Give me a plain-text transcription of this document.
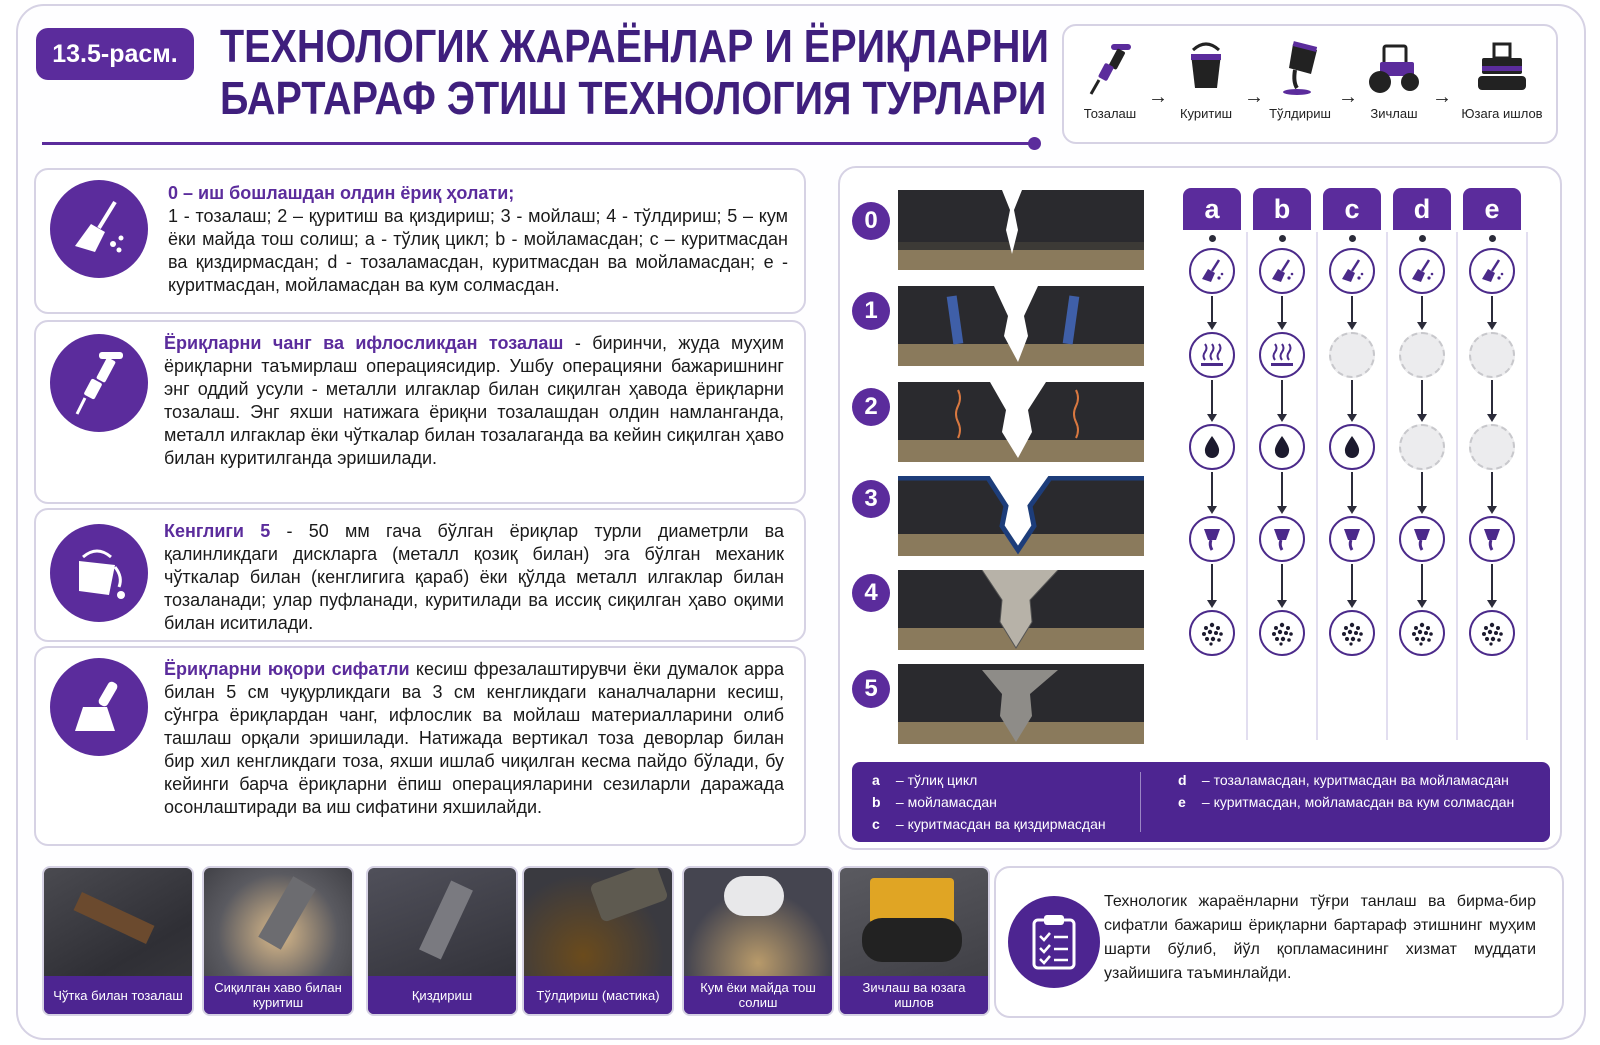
13.5-расм. ТЕХНОЛОГИК ЖАРАЁНЛАР И ЁРИҚЛАРНИ
БАРТАРАФ ЭТИШ ТЕХНОЛОГИЯ ТУРЛАРИ	Тозалаш
→
Куритиш
→
Тўлдириш
→
Зичлаш
→
Юзага ишлов
0 – иш бошлашдан олдин ёриқ ҳолати;
1 - тозалаш; 2 – қуритиш ва қиздириш; 3 - мойлаш; 4 - тўлдириш; 5 – кум ёки майда тош солиш; a - тўлиқ цикл; b - мойламасдан; c – куритмасдан ва қиздирмасдан; d - тозаламасдан, куритмасдан ва мойламасдан; e - куритмасдан, мойламасдан ва кум солмасдан.
Ёриқларни чанг ва ифлосликдан тозалаш - биринчи, жуда муҳим ёриқларни таъмирлаш операциясидир. Ушбу операцияни бажаришнинг энг оддий усули - металли илгаклар билан сиқилган ҳавода ёриқларни тозалаш. Энг яхши натижага ёриқни тозалашдан олдин намланганда, металл илгаклар ёки чўткалар билан тозалаганда ва кейин сиқилган ҳаво билан куритилганда эришилади.
Кенглиги 5 - 50 мм гача бўлган ёриқлар турли диаметрли ва қалинликдаги дискларга (металл қозиқ билан) эга бўлган механик чўткалар билан (кенглигига қараб) ёки қўлда металл илгаклар билан тозаланади; улар пуфланади, куритилади ва иссиқ сиқилган ҳаво оқими билан иситилади.
Ёриқларни юқори сифатли кесиш фрезалаштирувчи ёки думалок арра билан 5 см чуқурликдаги ва 3 см кенгликдаги каналчаларни кесиш, сўнгра ёриқлардан чанг, ифлослик ва мойлаш материалларини олиб ташлаш орқали эришилади. Натижада вертикал тоза деворлар билан бир хил кенгликдаги тоза, яхши ишлаб чиқилган кесма пайдо бўлади, бу кейинги барча ёриқларни ёпиш операцияларини сезиларли даражада осонлаштиради ва иш сифатини яхшилайди.
0
1
2
3
4
5
a	b	c	d	e
a – тўлиқ цикл
b – мойламасдан
c – куритмасдан ва қиздирмасдан
d – тозаламасдан, куритмасдан ва мойламасдан
e – куритмасдан, мойламасдан ва кум солмасдан
Чўтка билан тозалаш	Сиқилган хаво билан куритиш	Қиздириш	Тўлдириш (мастика)	Кум ёки майда тош солиш
Зичлаш ва юзага ишлов
Технологик жараёнларни тўғри танлаш ва бирма-бир сифатли бажариш ёриқларни бартараф этишнинг муҳим шарти бўлиб, йўл қопламасининг хизмат муддати узайишига таъминлайди.
